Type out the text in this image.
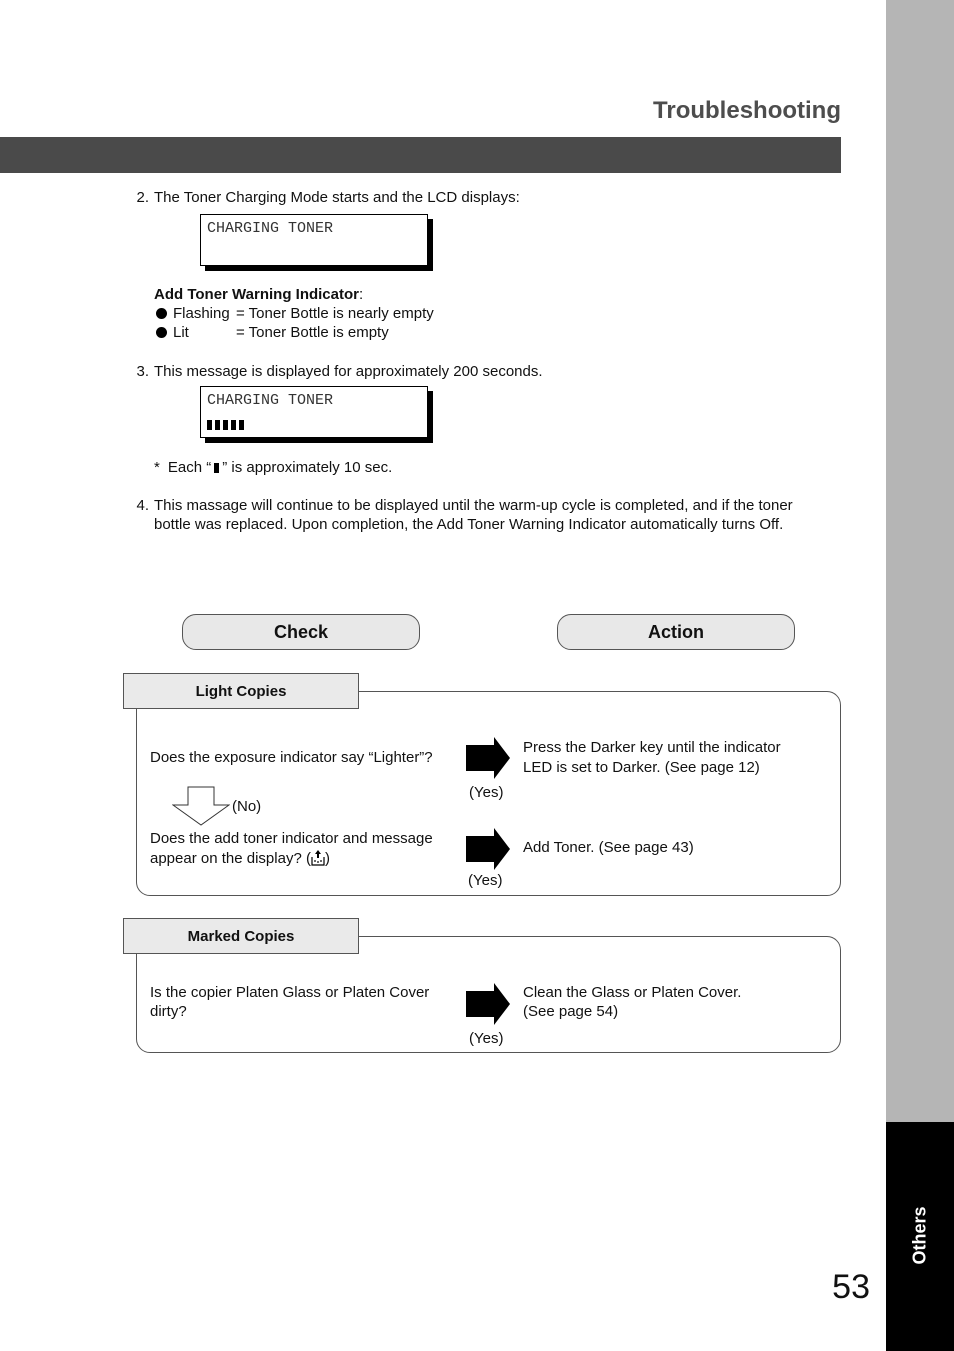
Others
53
Troubleshooting
2. The Toner Charging Mode starts and the LCD displays:
CHARGING TONER
Add Toner Warning Indicator:
Flashing = Toner Bottle is nearly empty
Lit	= Toner Bottle is empty
3. This message is displayed for approximately 200 seconds.
CHARGING TONER
* Each “ ” is approximately 10 sec.
4. This massage will continue to be displayed until the warm-up cycle is completed, and if the toner
bottle was replaced. Upon completion, the Add Toner Warning Indicator automatically turns Off.
Check	Action
Light Copies
Does the exposure indicator say “Lighter”?
(Yes)
Press the Darker key until the indicator
LED is set to Darker. (See page 12)
(No)
Does the add toner indicator and message
appear on the display? ( )
(Yes)
Add Toner. (See page 43)
Marked Copies
Is the copier Platen Glass or Platen Cover
dirty?
(Yes)
Clean the Glass or Platen Cover.
(See page 54)
